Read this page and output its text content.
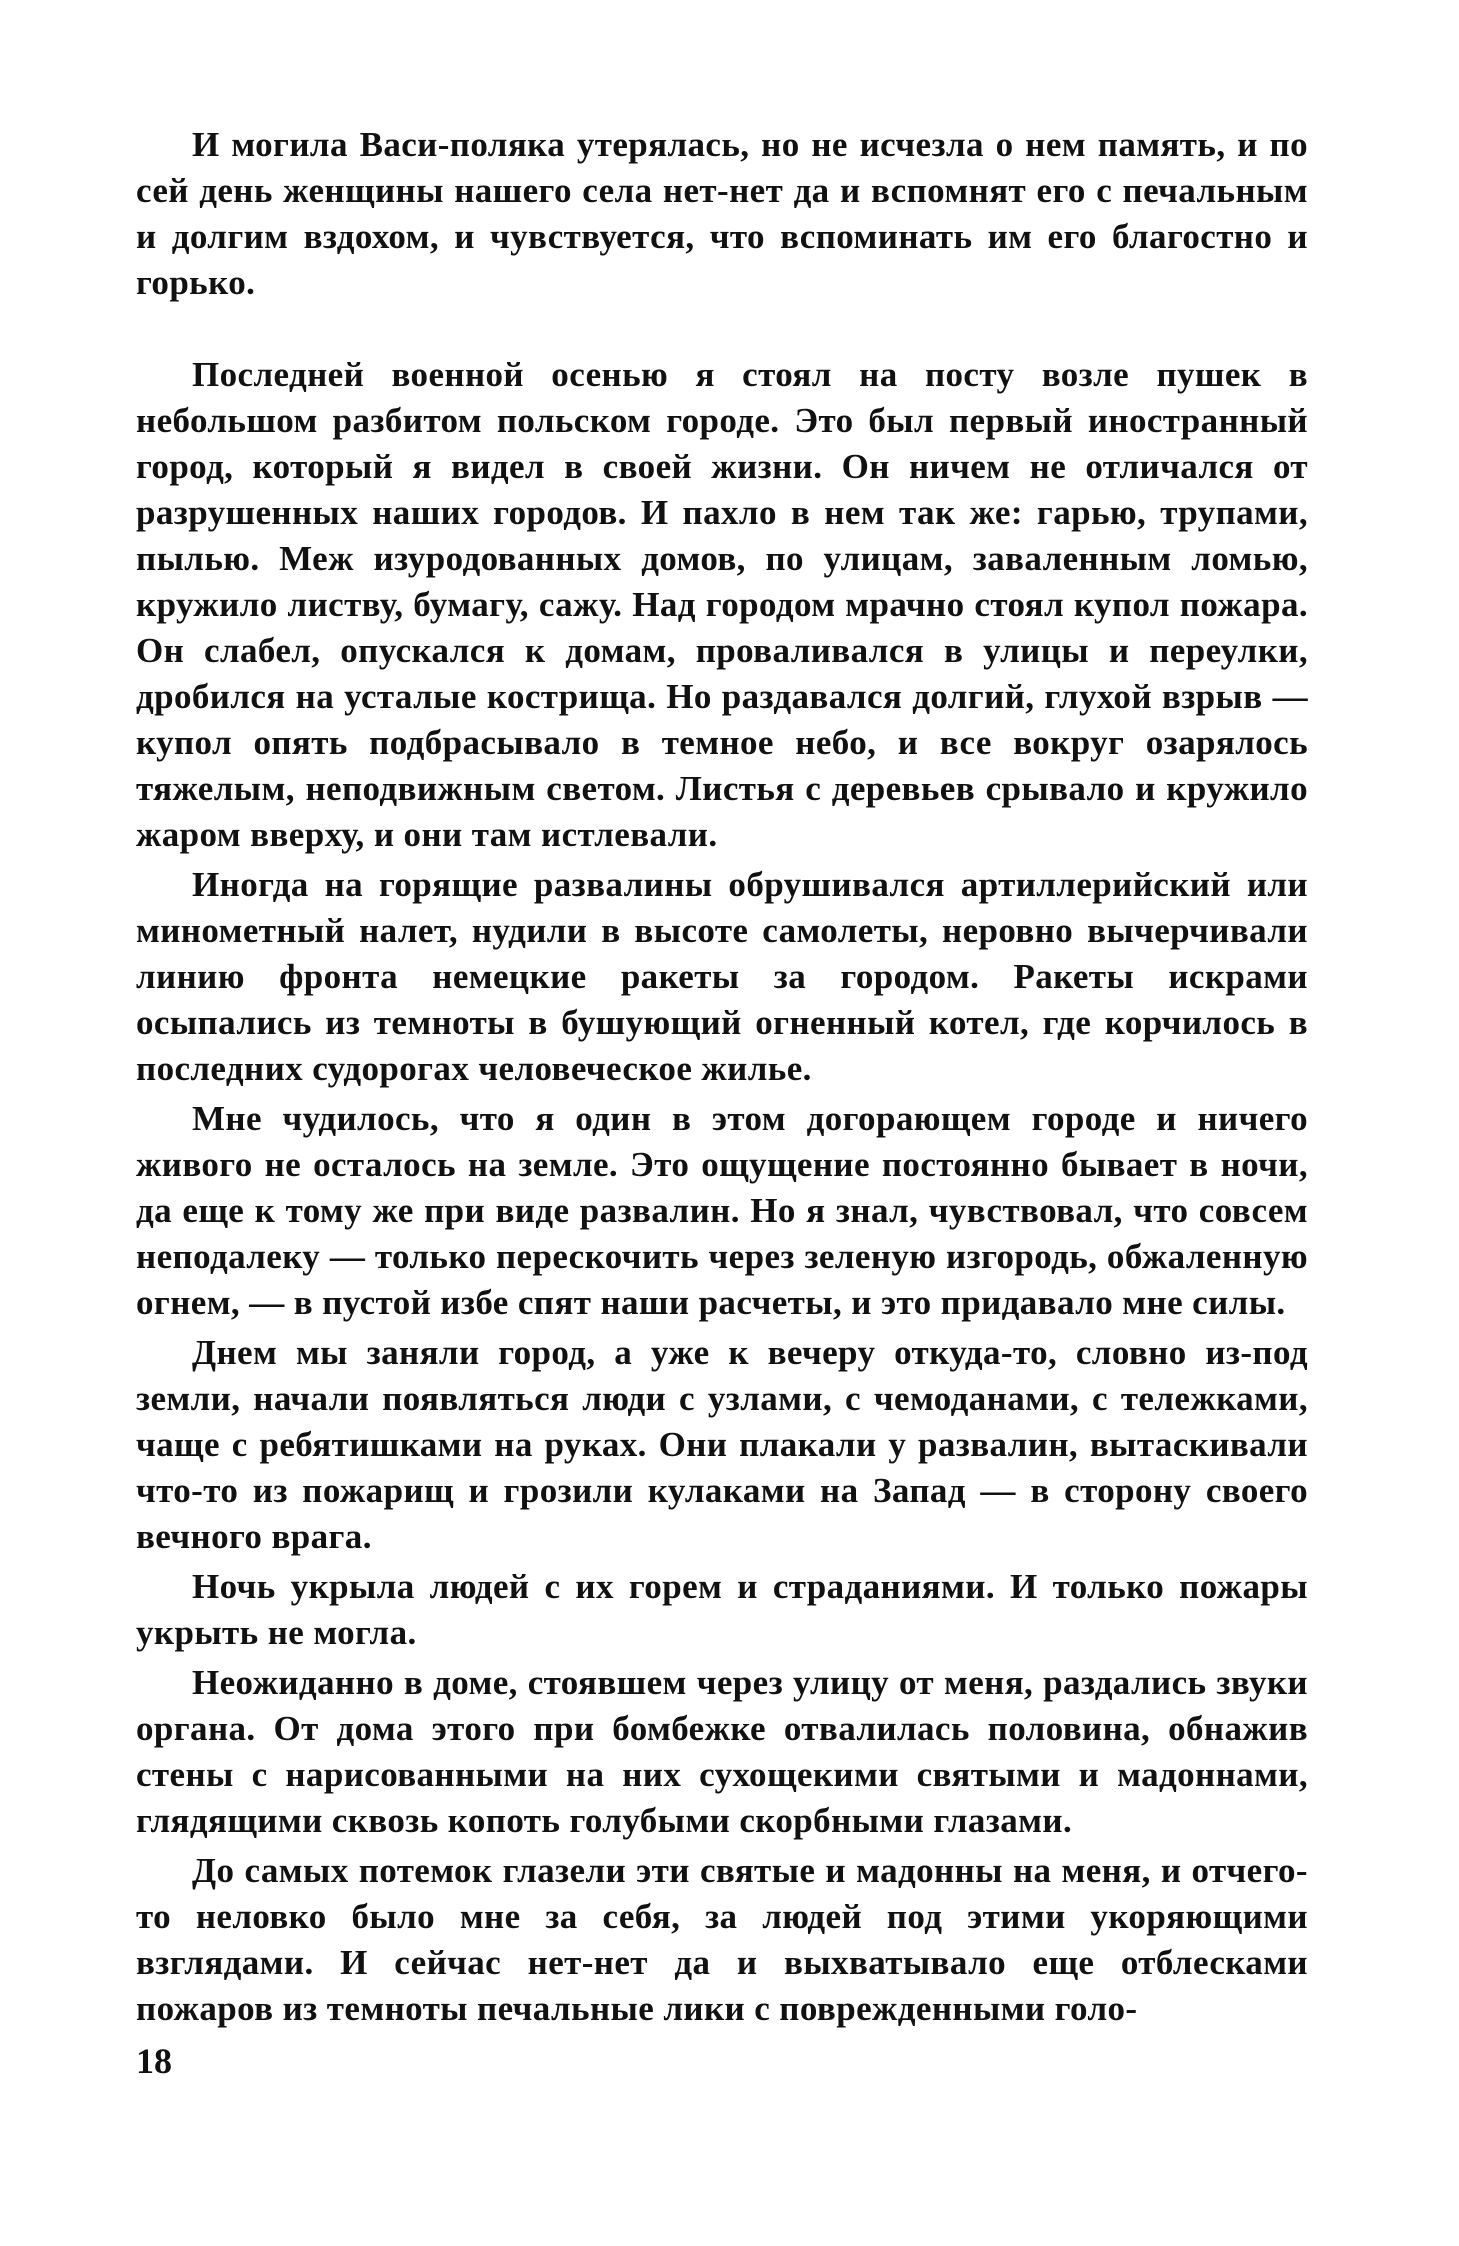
И могила Васи-поляка утерялась, но не исчезла о нем память, и по сей день женщины нашего села нет-нет да и вспомнят его с печальным и долгим вздохом, и чувствуется, что вспоминать им его благостно и горько.

Последней военной осенью я стоял на посту возле пушек в небольшом разбитом польском городе. Это был первый иностранный город, который я видел в своей жизни. Он ничем не отличался от разрушенных наших городов. И пахло в нем так же: гарью, трупами, пылью. Меж изуродованных домов, по улицам, заваленным ломью, кружило листву, бумагу, сажу. Над городом мрачно стоял купол пожара. Он слабел, опускался к домам, проваливался в улицы и переулки, дробился на усталые кострища. Но раздавался долгий, глухой взрыв — купол опять подбрасывало в темное небо, и все вокруг озарялось тяжелым, неподвижным светом. Листья с деревьев срывало и кружило жаром вверху, и они там истлевали.

Иногда на горящие развалины обрушивался артиллерийский или минометный налет, нудили в высоте самолеты, неровно вычерчивали линию фронта немецкие ракеты за городом. Ракеты искрами осыпались из темноты в бушующий огненный котел, где корчилось в последних судорогах человеческое жилье.

Мне чудилось, что я один в этом догорающем городе и ничего живого не осталось на земле. Это ощущение постоянно бывает в ночи, да еще к тому же при виде развалин. Но я знал, чувствовал, что совсем неподалеку — только перескочить через зеленую изгородь, обжаленную огнем, — в пустой избе спят наши расчеты, и это придавало мне силы.

Днем мы заняли город, а уже к вечеру откуда-то, словно из-под земли, начали появляться люди с узлами, с чемоданами, с тележками, чаще с ребятишками на руках. Они плакали у развалин, вытаскивали что-то из пожарищ и грозили кулаками на Запад — в сторону своего вечного врага.

Ночь укрыла людей с их горем и страданиями. И только пожары укрыть не могла.

Неожиданно в доме, стоявшем через улицу от меня, раздались звуки органа. От дома этого при бомбежке отвалилась половина, обнажив стены с нарисованными на них сухощекими святыми и мадоннами, глядящими сквозь копоть голубыми скорбными глазами.

До самых потемок глазели эти святые и мадонны на меня, и отчего-то неловко было мне за себя, за людей под этими укоряющими взглядами. И сейчас нет-нет да и выхватывало еще отблесками пожаров из темноты печальные лики с поврежденными голо-

18
